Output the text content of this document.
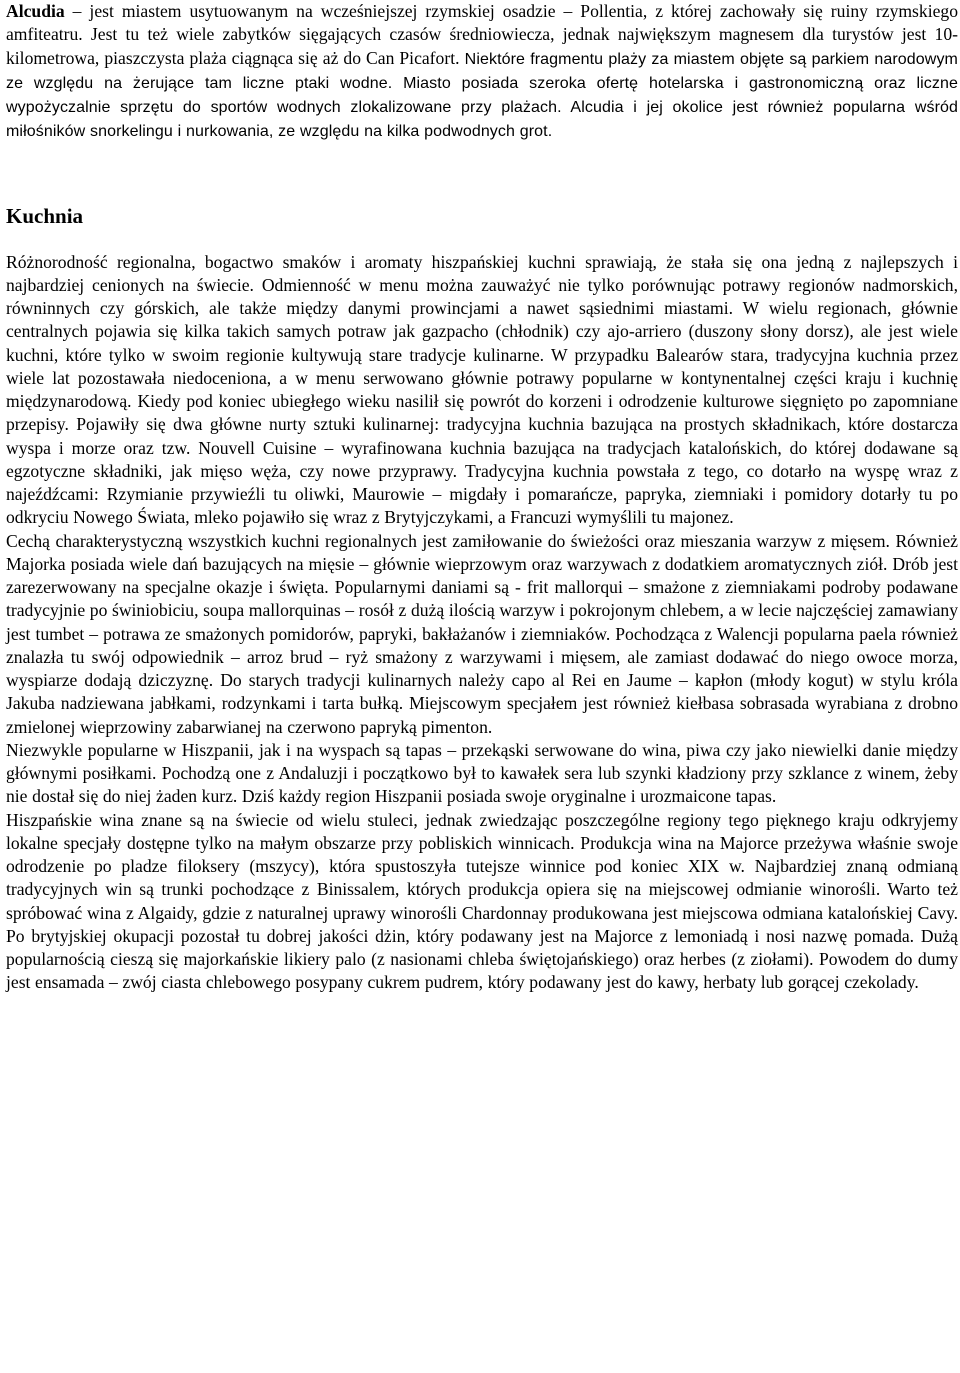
Alcudia – jest miastem usytuowanym na wcześniejszej rzymskiej osadzie – Pollentia, z której zachowały się ruiny rzymskiego amfiteatru. Jest tu też wiele zabytków sięgających czasów średniowiecza, jednak największym magnesem dla turystów jest 10-kilometrowa, piaszczysta plaża ciągnąca się aż do Can Picafort. Niektóre fragmentu plaży za miastem objęte są parkiem narodowym ze względu na żerujące tam liczne ptaki wodne. Miasto posiada szeroka ofertę hotelarska i gastronomiczną oraz liczne wypożyczalnie sprzętu do sportów wodnych zlokalizowane przy plażach. Alcudia i jej okolice jest również popularna wśród miłośników snorkelingu i nurkowania, ze względu na kilka podwodnych grot.

Kuchnia

Różnorodność regionalna, bogactwo smaków i aromaty hiszpańskiej kuchni sprawiają, że stała się ona jedną z najlepszych i najbardziej cenionych na świecie. Odmienność w menu można zauważyć nie tylko porównując potrawy regionów nadmorskich, równinnych czy górskich, ale także między danymi prowincjami a nawet sąsiednimi miastami. W wielu regionach, głównie centralnych pojawia się kilka takich samych potraw jak gazpacho (chłodnik) czy ajo-arriero (duszony słony dorsz), ale jest wiele kuchni, które tylko w swoim regionie kultywują stare tradycje kulinarne. W przypadku Balearów stara, tradycyjna kuchnia przez wiele lat pozostawała niedoceniona, a w menu serwowano głównie potrawy popularne w kontynentalnej części kraju i kuchnię międzynarodową. Kiedy pod koniec ubiegłego wieku nasilił się powrót do korzeni i odrodzenie kulturowe sięgnięto po zapomniane przepisy. Pojawiły się dwa główne nurty sztuki kulinarnej: tradycyjna kuchnia bazująca na prostych składnikach, które dostarcza wyspa i morze oraz tzw. Nouvell Cuisine – wyrafinowana kuchnia bazująca na tradycjach katalońskich, do której dodawane są egzotyczne składniki, jak mięso węża, czy nowe przyprawy. Tradycyjna kuchnia powstała z tego, co dotarło na wyspę wraz z najeźdźcami: Rzymianie przywieźli tu oliwki, Maurowie – migdały i pomarańcze, papryka, ziemniaki i pomidory dotarły tu po odkryciu Nowego Świata, mleko pojawiło się wraz z Brytyjczykami, a Francuzi wymyślili tu majonez.

Cechą charakterystyczną wszystkich kuchni regionalnych jest zamiłowanie do świeżości oraz mieszania warzyw z mięsem. Również Majorka posiada wiele dań bazujących na mięsie – głównie wieprzowym oraz warzywach z dodatkiem aromatycznych ziół. Drób jest zarezerwowany na specjalne okazje i święta. Popularnymi daniami są - frit mallorqui – smażone z ziemniakami podroby podawane tradycyjnie po świniobiciu, soupa mallorquinas – rosół z dużą ilością warzyw i pokrojonym chlebem, a w lecie najczęściej zamawiany jest tumbet – potrawa ze smażonych pomidorów, papryki, bakłażanów i ziemniaków. Pochodząca z Walencji popularna paela również znalazła tu swój odpowiednik – arroz brud – ryż smażony z warzywami i mięsem, ale zamiast dodawać do niego owoce morza, wyspiarze dodają dziczyznę. Do starych tradycji kulinarnych należy capo al Rei en Jaume – kapłon (młody kogut) w stylu króla Jakuba nadziewana jabłkami, rodzynkami i tarta bułką. Miejscowym specjałem jest również kiełbasa sobrasada wyrabiana z drobno zmielonej wieprzowiny zabarwianej na czerwono papryką pimenton.

Niezwykle popularne w Hiszpanii, jak i na wyspach są tapas – przekąski serwowane do wina, piwa czy jako niewielki danie między głównymi posiłkami. Pochodzą one z Andaluzji i początkowo był to kawałek sera lub szynki kładziony przy szklance z winem, żeby nie dostał się do niej żaden kurz. Dziś każdy region Hiszpanii posiada swoje oryginalne i urozmaicone tapas.

Hiszpańskie wina znane są na świecie od wielu stuleci, jednak zwiedzając poszczególne regiony tego pięknego kraju odkryjemy lokalne specjały dostępne tylko na małym obszarze przy pobliskich winnicach. Produkcja wina na Majorce przeżywa właśnie swoje odrodzenie po pladze filoksery (mszycy), która spustoszyła tutejsze winnice pod koniec XIX w. Najbardziej znaną odmianą tradycyjnych win są trunki pochodzące z Binissalem, których produkcja opiera się na miejscowej odmianie winorośli. Warto też spróbować wina z Algaidy, gdzie z naturalnej uprawy winorośli Chardonnay produkowana jest miejscowa odmiana katalońskiej Cavy. Po brytyjskiej okupacji pozostał tu dobrej jakości dżin, który podawany jest na Majorce z lemoniadą i nosi nazwę pomada. Dużą popularnością cieszą się majorkańskie likiery palo (z nasionami chleba świętojańskiego) oraz herbes (z ziołami). Powodem do dumy jest ensamada – zwój ciasta chlebowego posypany cukrem pudrem, który podawany jest do kawy, herbaty lub gorącej czekolady.
